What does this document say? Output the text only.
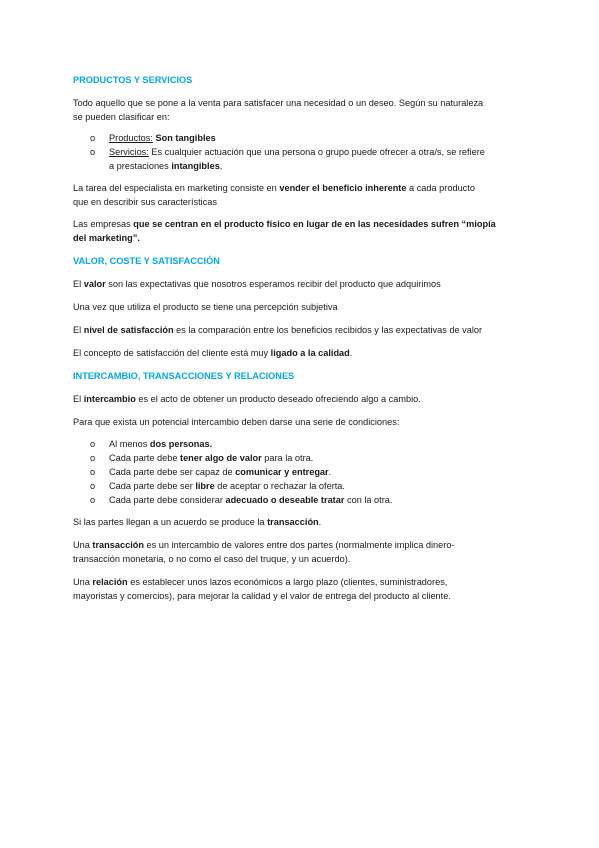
PRODUCTOS Y SERVICIOS

Todo aquello que se pone a la venta para satisfacer una necesidad o un deseo. Según su naturaleza
se pueden clasificar en:

o Productos: Son tangibles
o Servicios: Es cualquier actuación que una persona o grupo puede ofrecer a otra/s, se refiere
a prestaciones intangibles.

La tarea del especialista en marketing consiste en vender el beneficio inherente a cada producto
que en describir sus características

Las empresas que se centran en el producto físico en lugar de en las necesidades sufren “miopía
del marketing”.

VALOR, COSTE Y SATISFACCIÓN

El valor son las expectativas que nosotros esperamos recibir del producto que adquirimos

Una vez que utiliza el producto se tiene una percepción subjetiva

El nivel de satisfacción es la comparación entre los beneficios recibidos y las expectativas de valor

El concepto de satisfacción del cliente está muy ligado a la calidad.

INTERCAMBIO, TRANSACCIONES Y RELACIONES

El intercambio es el acto de obtener un producto deseado ofreciendo algo a cambio.

Para que exista un potencial intercambio deben darse una serie de condiciones:

o Al menos dos personas.
o Cada parte debe tener algo de valor para la otra.
o Cada parte debe ser capaz de comunicar y entregar.
o Cada parte debe ser libre de aceptar o rechazar la oferta.
o Cada parte debe considerar adecuado o deseable tratar con la otra.

Si las partes llegan a un acuerdo se produce la transacción.

Una transacción es un intercambio de valores entre dos partes (normalmente implica dinero-
transacción monetaria, o no como el caso del truque, y un acuerdo).

Una relación es establecer unos lazos económicos a largo plazo (clientes, suministradores,
mayoristas y comercios), para mejorar la calidad y el valor de entrega del producto al cliente.
